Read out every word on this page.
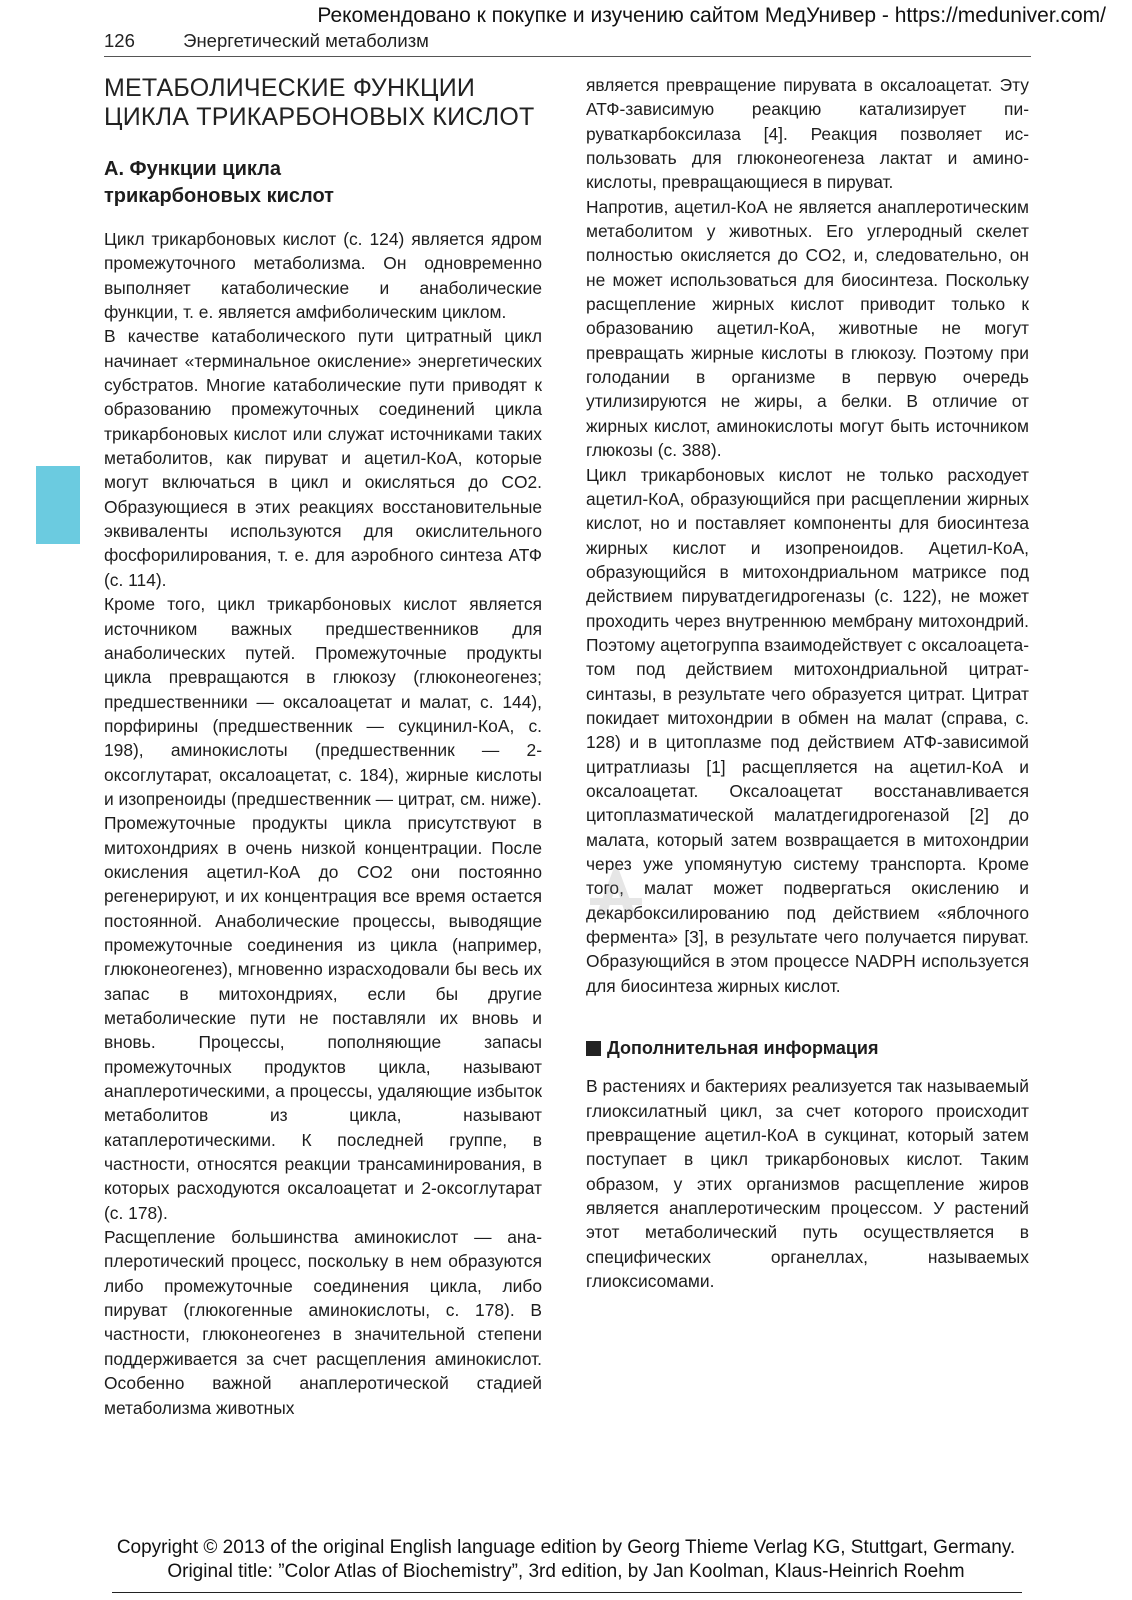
Рекомендовано к покупке и изучению сайтом МедУнивер - https://meduniver.com/
126	Энергетический метаболизм
МЕТАБОЛИЧЕСКИЕ ФУНКЦИИ
ЦИКЛА ТРИКАРБОНОВЫХ КИСЛОТ
А. Функции цикла
трикарбоновых кислот

Цикл трикарбоновых кислот (с. 124) является ядром промежуточного метаболизма. Он одновременно выполняет катаболические и анаболические функции, т. е. является амфиболическим циклом.

В качестве катаболического пути цитратный цикл начинает «терминальное окисление» энергетических субстратов. Многие катаболические пути приводят к образованию промежуточных соединений цикла трикарбоновых кислот или служат источниками таких метаболитов, как пируват и ацетил-КоА, которые могут включаться в цикл и окисляться до CO2. Образующиеся в этих реакциях восстановительные эквиваленты используются для окислительного фосфорилирования, т. е. для аэробного синтеза АТФ (с. 114).

Кроме того, цикл трикарбоновых кислот является источником важных предшественников для анаболических путей. Промежуточные продукты цикла превращаются в глюкозу (глюконеогенез; предшественники — оксалоацетат и малат, с. 144), порфирины (предшественник — сукцинил-КоА, с. 198), аминокислоты (предшественник — 2-оксоглутарат, оксалоацетат, с. 184), жирные кислоты и изопреноиды (предшественник — цитрат, см. ниже).

Промежуточные продукты цикла присутствуют в митохондриях в очень низкой концентрации. После окисления ацетил-КоА до CO2 они постоянно регенерируют, и их концентрация все время остается постоянной. Анаболические процессы, выводящие промежуточные соединения из цикла (например, глюконеогенез), мгновенно израсходовали бы весь их запас в митохондриях, если бы другие метаболические пути не поставляли их вновь и вновь. Процессы, пополняющие запасы промежуточных продуктов цикла, называют анаплеротическими, а процессы, удаляющие избыток метаболитов из цикла, называют катаплеротическими. К последней группе, в частности, относятся реакции трансаминирования, в которых расходуются оксалоацетат и 2-оксоглутарат (с. 178).

Расщепление большинства аминокислот — анаплеротический процесс, поскольку в нем образуются либо промежуточные соединения цикла, либо пируват (глюкогенные аминокислоты, с. 178). В частности, глюконеогенез в значительной степени поддерживается за счет расщепления аминокислот. Особенно важной анаплеротической стадией метаболизма животных

является превращение пирувата в оксалоацетат. Эту АТФ-зависимую реакцию катализирует пируваткарбоксилаза [4]. Реакция позволяет использовать для глюконеогенеза лактат и аминокислоты, превращающиеся в пируват.

Напротив, ацетил-КоА не является анаплеротическим метаболитом у животных. Его углеродный скелет полностью окисляется до CO2, и, следовательно, он не может использоваться для биосинтеза. Поскольку расщепление жирных кислот приводит только к образованию ацетил-КоА, животные не могут превращать жирные кислоты в глюкозу. Поэтому при голодании в организме в первую очередь утилизируются не жиры, а белки. В отличие от жирных кислот, аминокислоты могут быть источником глюкозы (с. 388).

Цикл трикарбоновых кислот не только расходует ацетил-КоА, образующийся при расщеплении жирных кислот, но и поставляет компоненты для биосинтеза жирных кислот и изопреноидов. Ацетил-КоА, образующийся в митохондриальном матриксе под действием пируватдегидрогеназы (с. 122), не может проходить через внутреннюю мембрану митохондрий. Поэтому ацетогруппа взаимодействует с оксалоацетатом под действием митохондриальной цитратсинтазы, в результате чего образуется цитрат. Цитрат покидает митохондрии в обмен на малат (справа, с. 128) и в цитоплазме под действием АТФ-зависимой цитратлиазы [1] расщепляется на ацетил-КоА и оксалоацетат. Оксалоацетат восстанавливается цитоплазматической малатдегидрогеназой [2] до малата, который затем возвращается в митохондрии через уже упомянутую систему транспорта. Кроме того, малат может подвергаться окислению и декарбоксилированию под действием «яблочного фермента» [3], в результате чего получается пируват. Образующийся в этом процессе NADPH используется для биосинтеза жирных кислот.

Дополнительная информация

В растениях и бактериях реализуется так называемый глиоксилатный цикл, за счет которого происходит превращение ацетил-КоА в сукцинат, который затем поступает в цикл трикарбоновых кислот. Таким образом, у этих организмов расщепление жиров является анаплеротическим процессом. У растений этот метаболический путь осуществляется в специфических органеллах, называемых глиоксисомами.

Copyright © 2013 of the original English language edition by Georg Thieme Verlag KG, Stuttgart, Germany.
Original title: ”Color Atlas of Biochemistry”, 3rd edition, by Jan Koolman, Klaus-Heinrich Roehm
